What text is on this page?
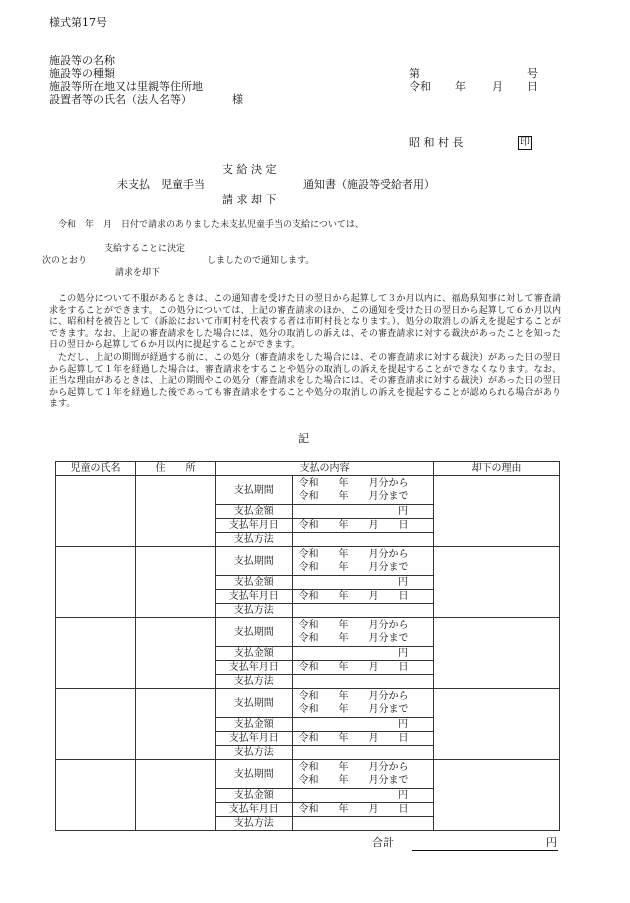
様式第17号
施設等の名称
施設等の種類
施設等所在地又は里親等住所地
設置者等の氏名（法人名等）	様
第	号
令和 年 月 日
昭 和 村 長	印
支 給 決 定
未支払　児童手当	通知書（施設等受給者用）
請 求 却 下
令和　年　月　日付で請求のありました未支払児童手当の支給については、
支給することに決定
次のとおり	しましたので通知します。
請求を却下
この処分について不服があるときは、この通知書を受けた日の翌日から起算して３か月以内に、福島県知事に対して審査請求をすることができます。この処分については、上記の審査請求のほか、この通知を受けた日の翌日から起算して６か月以内に、昭和村を被告として（訴訟において市町村を代表する者は市町村長となります。）、処分の取消しの訴えを提起することができます。なお、上記の審査請求をした場合には、処分の取消しの訴えは、その審査請求に対する裁決があったことを知った日の翌日から起算して６か月以内に提起することができます。
ただし、上記の期間が経過する前に、この処分（審査請求をした場合には、その審査請求に対する裁決）があった日の翌日から起算して１年を経過した場合は、審査請求をすることや処分の取消しの訴えを提起することができなくなります。なお、正当な理由があるときは、上記の期間やこの処分（審査請求をした場合には、その審査請求に対する裁決）があった日の翌日から起算して１年を経過した後であっても審査請求をすることや処分の取消しの訴えを提起することが認められる場合があります。
記
児童の氏名	住　　所	支払の内容	却下の理由

支払期間	
令和　　年　　月分から
令和　　年　　月分まで

支払金額	円
支払年月日	令和　　年　　月　　日
支払方法	

支払期間	
令和　　年　　月分から
令和　　年　　月分まで

支払金額	円
支払年月日	令和　　年　　月　　日
支払方法	

支払期間	
令和　　年　　月分から
令和　　年　　月分まで

支払金額	円
支払年月日	令和　　年　　月　　日
支払方法	

支払期間	
令和　　年　　月分から
令和　　年　　月分まで

支払金額	円
支払年月日	令和　　年　　月　　日
支払方法	

支払期間	
令和　　年　　月分から
令和　　年　　月分まで

支払金額	円
支払年月日	令和　　年　　月　　日
支払方法	

合計	円
